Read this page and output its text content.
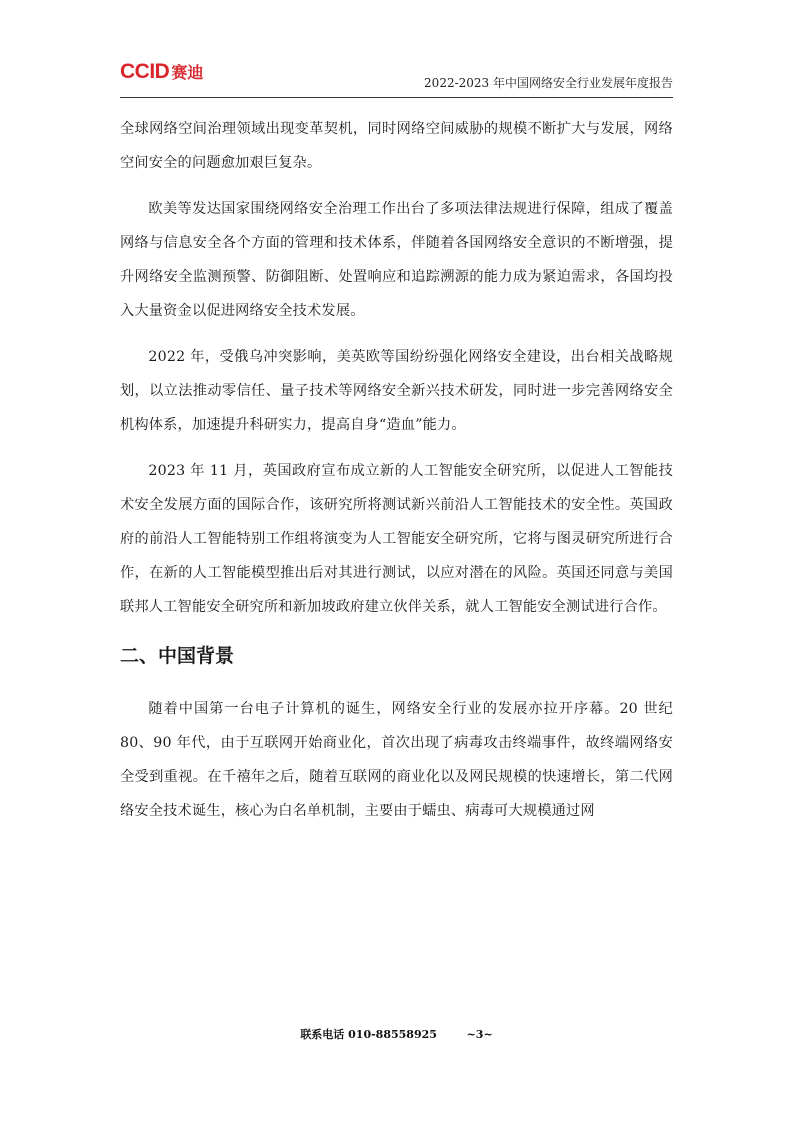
CCID 赛迪
2022-2023 年中国网络安全行业发展年度报告

全球网络空间治理领域出现变革契机，同时网络空间威胁的规模不断扩大与发展，网络空间安全的问题愈加艰巨复杂。

欧美等发达国家围绕网络安全治理工作出台了多项法律法规进行保障，组成了覆盖网络与信息安全各个方面的管理和技术体系，伴随着各国网络安全意识的不断增强，提升网络安全监测预警、防御阻断、处置响应和追踪溯源的能力成为紧迫需求，各国均投入大量资金以促进网络安全技术发展。

2022 年，受俄乌冲突影响，美英欧等国纷纷强化网络安全建设，出台相关战略规划，以立法推动零信任、量子技术等网络安全新兴技术研发，同时进一步完善网络安全机构体系，加速提升科研实力，提高自身“造血”能力。

2023 年 11 月，英国政府宣布成立新的人工智能安全研究所，以促进人工智能技术安全发展方面的国际合作，该研究所将测试新兴前沿人工智能技术的安全性。英国政府的前沿人工智能特别工作组将演变为人工智能安全研究所，它将与图灵研究所进行合作，在新的人工智能模型推出后对其进行测试，以应对潜在的风险。英国还同意与美国联邦人工智能安全研究所和新加坡政府建立伙伴关系，就人工智能安全测试进行合作。

二、中国背景

随着中国第一台电子计算机的诞生，网络安全行业的发展亦拉开序幕。20 世纪 80、90 年代，由于互联网开始商业化，首次出现了病毒攻击终端事件，故终端网络安全受到重视。在千禧年之后，随着互联网的商业化以及网民规模的快速增长，第二代网络安全技术诞生，核心为白名单机制，主要由于蠕虫、病毒可大规模通过网

联系电话 010-88558925	~3~
